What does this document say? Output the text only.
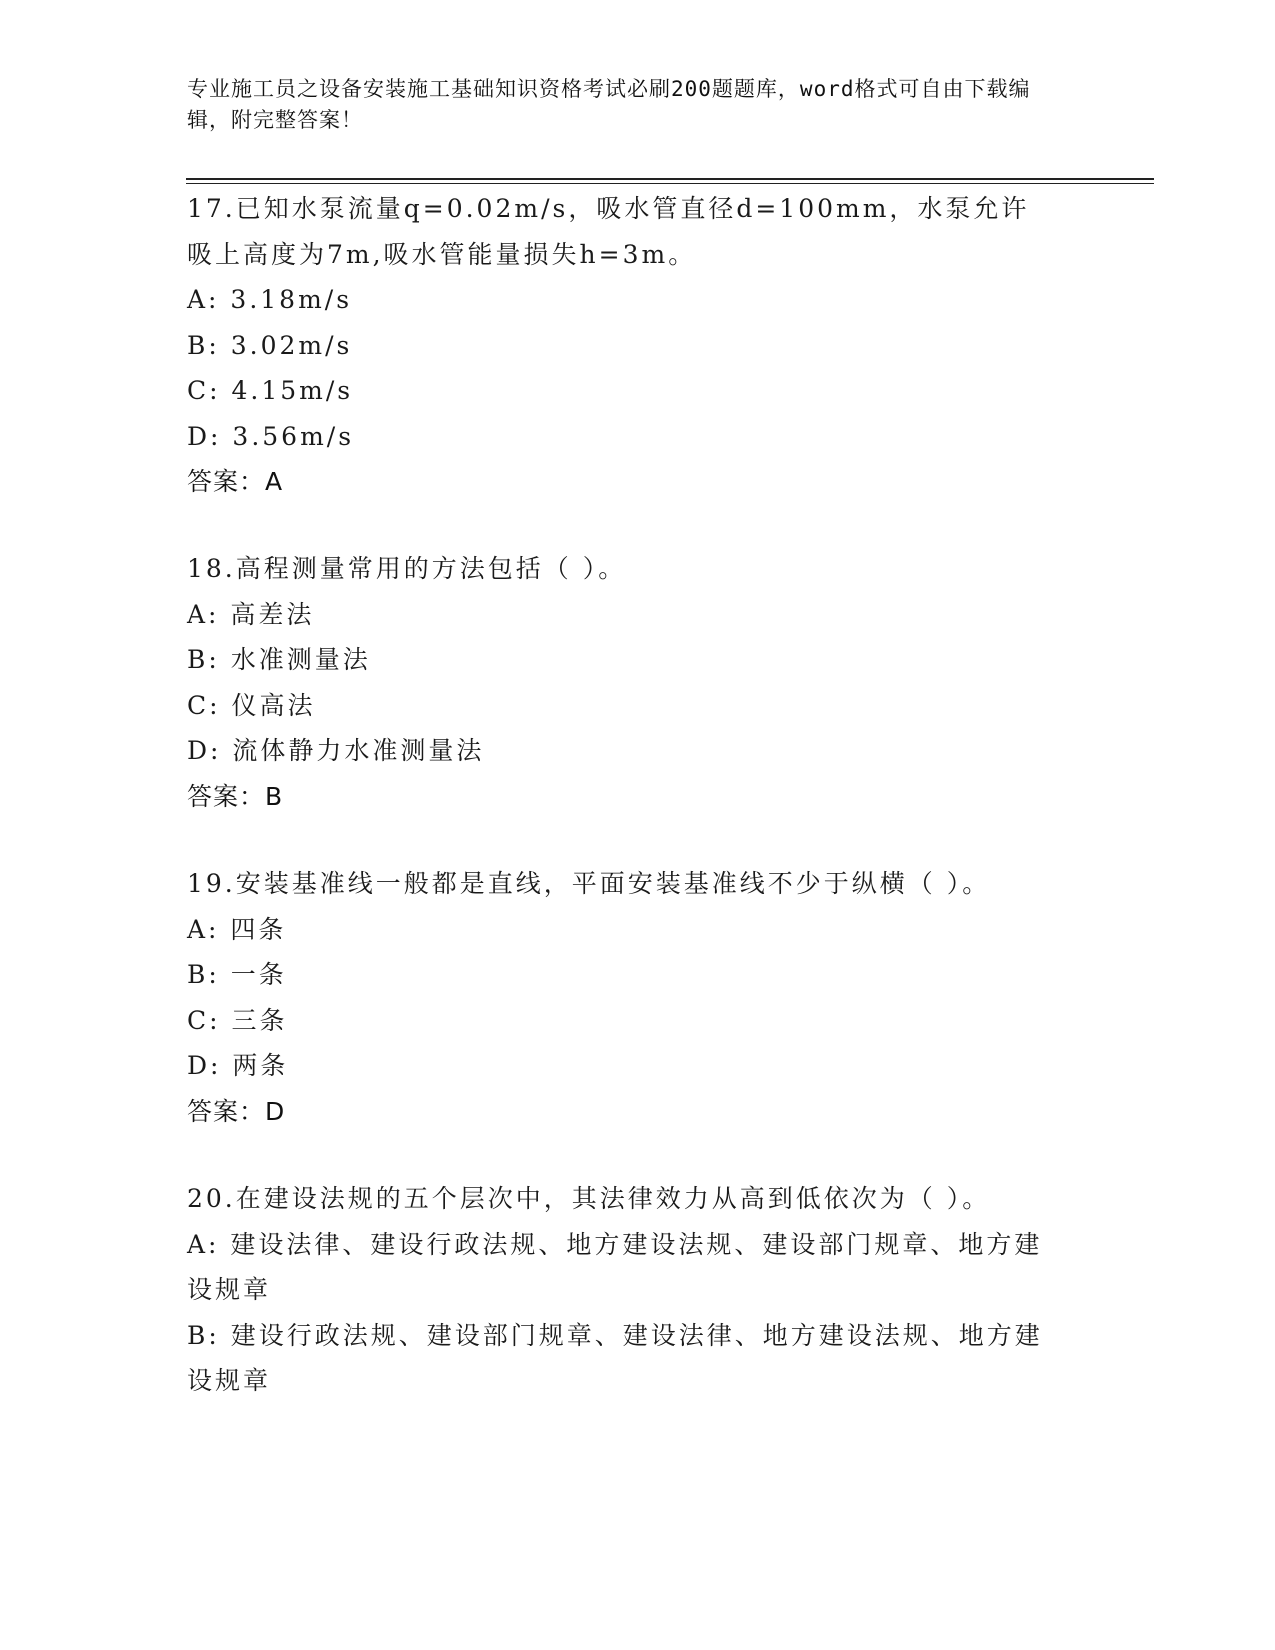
专业施工员之设备安装施工基础知识资格考试必刷200题题库，word格式可自由下载编辑，附完整答案！
17.已知水泵流量q=0.02m/s，吸水管直径d=100mm，水泵允许吸上高度为7m,吸水管能量损失h=3m。
A: 3.18m/s
B: 3.02m/s
C: 4.15m/s
D: 3.56m/s
答案：A
18.高程测量常用的方法包括（ ）。
A: 高差法
B: 水准测量法
C: 仪高法
D: 流体静力水准测量法
答案：B
19.安装基准线一般都是直线，平面安装基准线不少于纵横（ ）。
A: 四条
B: 一条
C: 三条
D: 两条
答案：D
20.在建设法规的五个层次中，其法律效力从高到低依次为（ ）。
A: 建设法律、建设行政法规、地方建设法规、建设部门规章、地方建设规章
B: 建设行政法规、建设部门规章、建设法律、地方建设法规、地方建设规章
